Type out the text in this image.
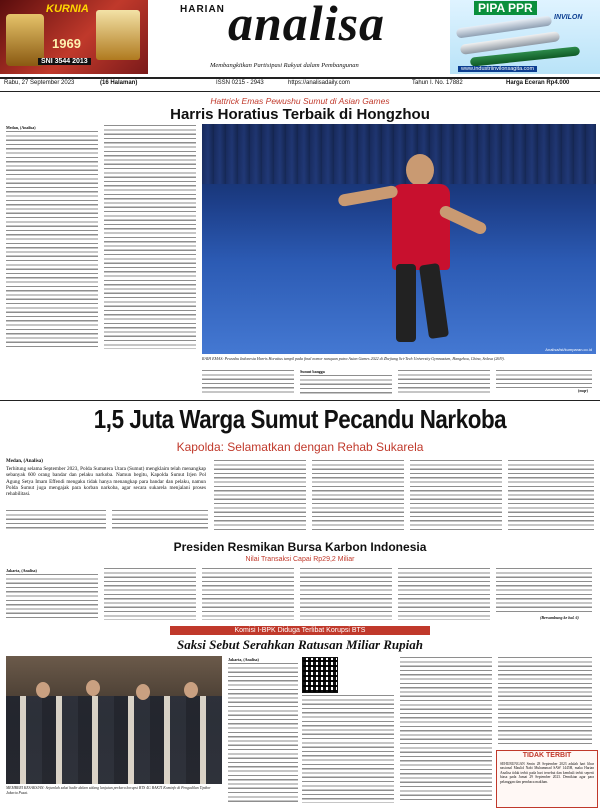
KURNIA
1969
SNI 3544 2013
HARIAN analisa
Membangkitkan Partisipasi Rakyat dalam Pembangunan
PIPA PPR
INVILON
www.industriinvilonsagita.com
Rabu, 27 September 2023	(16 Halaman)	ISSN 0215 - 2943	https://analisadaily.com	Tahun I. No. 17882	Harga Eceran Rp4.000
Hattrick Emas Pewushu Sumut di Asian Games
Harris Horatius Terbaik di Hongzhou
Medan, (Analisa)
Analisa/ist/kumparan.co.id
RAIH EMAS: Pewushu Indonesia Harris Horatius tampil pada final nomor nanquan putra Asian Games 2022 di Zhejiang Sci-Tech University Gymnasium, Hangzhou, China, Selasa (26/9).
Sumut bangga
(mqr)
1,5 Juta Warga Sumut Pecandu Narkoba
Kapolda: Selamatkan dengan Rehab Sukarela
Medan, (Analisa)
Terhitung selama September 2023, Polda Sumatera Utara (Sumut) mengklaim telah menangkap sebanyak 600 orang bandar dan pelaku narkoba. Namun begitu, Kapolda Sumut Irjen Pol Agung Setya Imam Effendi mengaku tidak hanya menangkap para bandar dan pelaku, namun Polda Sumut juga mengajak para korban narkoba, agar secara sukarela menjalani proses rehabilitasi.
Presiden Resmikan Bursa Karbon Indonesia
Nilai Transaksi Capai Rp29,2 Miliar
Jakarta, (Analisa)
(Bersambung ke hal. 6)
Komisi I-BPK Diduga Terlibat Korupsi BTS
Saksi Sebut Serahkan Ratusan Miliar Rupiah
MEMBERI KESAKSIAN: Sejumlah saksi hadir dalam sidang lanjutan perkara korupsi BTS 4G BAKTI Kominfo di Pengadilan Tipikor Jakarta Pusat.
Jakarta, (Analisa)
TIDAK TERBIT
SEHUBUNGAN Senin 28 September 2023 adalah hari libur nasional Maulid Nabi Muhammad SAW 1445H, maka Harian Analisa tidak terbit pada hari tersebut dan kembali terbit seperti biasa pada Jumat 29 September 2023. Demikian agar para pelanggan dan pembaca maklum.
